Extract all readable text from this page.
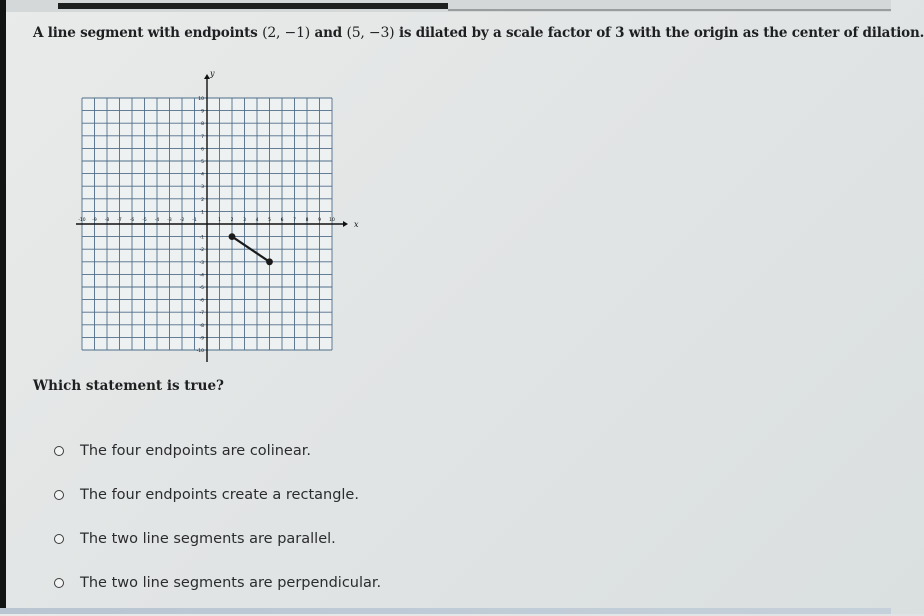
A line segment with endpoints (2, −1) and (5, −3) is dilated by a scale factor of 3 with the origin as the center of dilation.
x
y
-10 -9 -8 -7 -6 -5 -4 -3 -2 -1	1 2 3 4 5 6 7 8 9 10
-10
-9
-8
-7
-6
-5
-4
-3
-2
-1
1
2
3
4
5
6
7
8
9
10
Which statement is true?
The four endpoints are colinear.
The four endpoints create a rectangle.
The two line segments are parallel.
The two line segments are perpendicular.
